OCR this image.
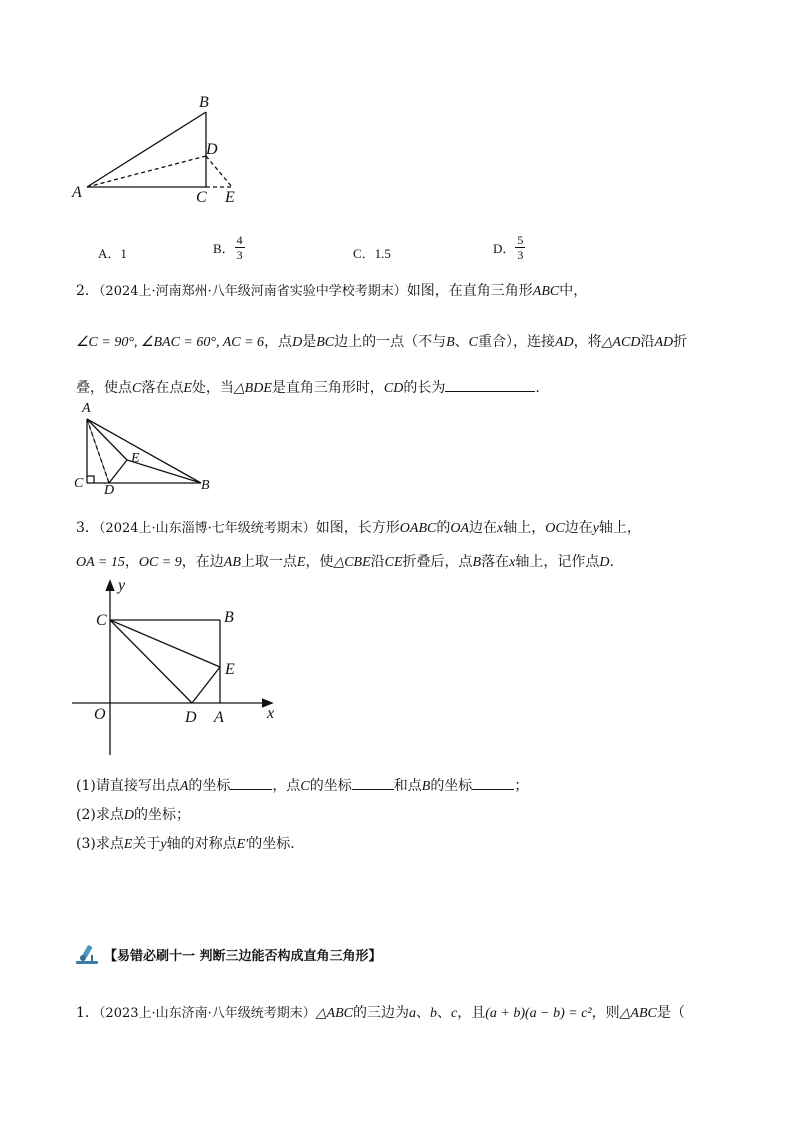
B
D
A	C E
A．1	B． $\frac{4}{3}$	C．1.5	D． $\frac{5}{3}$
2．（2024上·河南郑州·八年级河南省实验中学校考期末）如图，在直角三角形ABC中，
∠C = 90°, ∠BAC = 60°, AC = 6，点D是BC边上的一点（不与B、C重合），连接AD，将△ACD沿AD折
叠，使点C落在点E处，当△BDE是直角三角形时，CD的长为	.
A
E
C D	B
3．（2024上·山东淄博·七年级统考期末）如图，长方形OABC的OA边在x轴上，OC边在y轴上，
OA = 15，OC = 9，在边AB上取一点E，使△CBE沿CE折叠后，点B落在x轴上，记作点D.
y
C	B
E
O	D A	x
(1)请直接写出点A的坐标	，点C的坐标	和点B的坐标	；
(2)求点D的坐标；
(3)求点E关于y轴的对称点E′的坐标.
【易错必刷十一 判断三边能否构成直角三角形】
1．（2023上·山东济南·八年级统考期末）△ABC的三边为a、b、c，且(a + b)(a − b) = c²，则△ABC是（
